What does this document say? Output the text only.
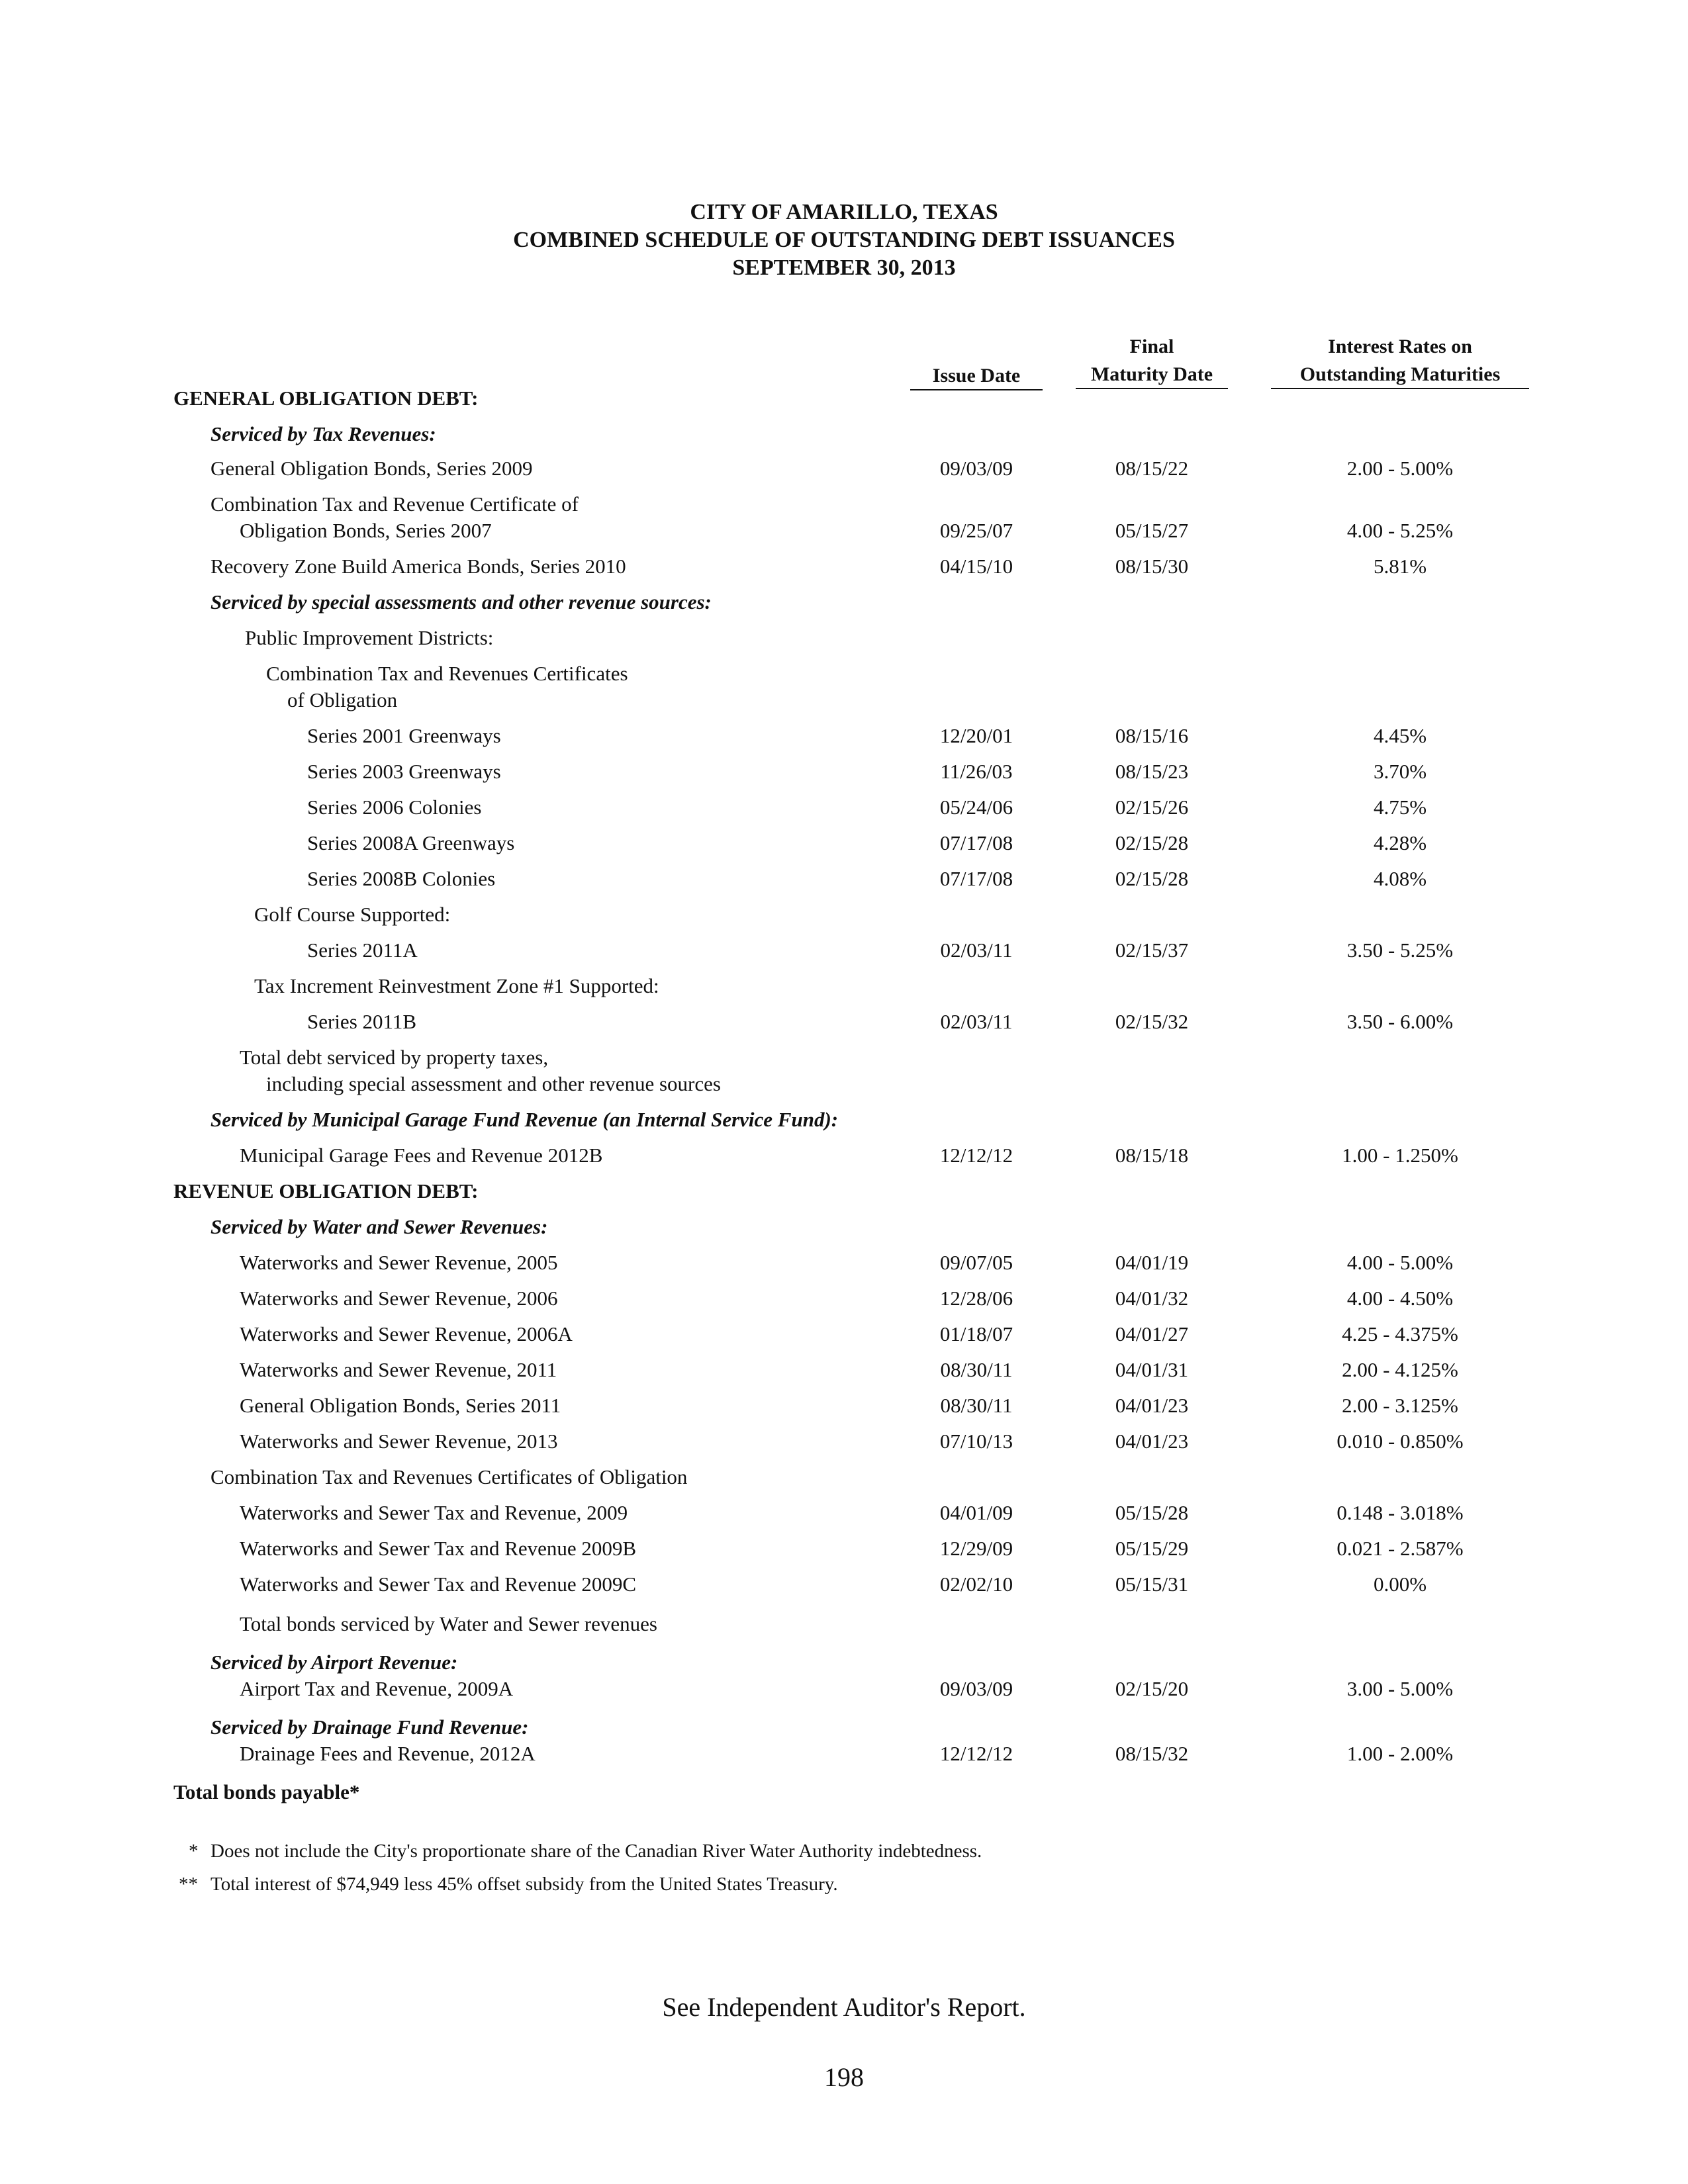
CITY OF AMARILLO, TEXAS
COMBINED SCHEDULE OF OUTSTANDING DEBT ISSUANCES
SEPTEMBER 30, 2013
Issue Date
Final
Maturity Date
Interest Rates on
Outstanding Maturities
GENERAL OBLIGATION DEBT:
Serviced by Tax Revenues:
General Obligation Bonds, Series 2009	09/03/09	08/15/22	2.00 - 5.00%
Combination Tax and Revenue Certificate of
Obligation Bonds, Series 2007	09/25/07	05/15/27	4.00 - 5.25%
Recovery Zone Build America Bonds, Series 2010	04/15/10	08/15/30	5.81%
Serviced by special assessments and other revenue sources:
Public Improvement Districts:
Combination Tax and Revenues Certificates
of Obligation
Series 2001 Greenways	12/20/01	08/15/16	4.45%
Series 2003 Greenways	11/26/03	08/15/23	3.70%
Series 2006 Colonies	05/24/06	02/15/26	4.75%
Series 2008A Greenways	07/17/08	02/15/28	4.28%
Series 2008B Colonies	07/17/08	02/15/28	4.08%
Golf Course Supported:
Series 2011A	02/03/11	02/15/37	3.50 - 5.25%
Tax Increment Reinvestment Zone #1 Supported:
Series 2011B	02/03/11	02/15/32	3.50 - 6.00%
Total debt serviced by property taxes,
including special assessment and other revenue sources
Serviced by Municipal Garage Fund Revenue (an Internal Service Fund):
Municipal Garage Fees and Revenue 2012B	12/12/12	08/15/18	1.00 - 1.250%
REVENUE OBLIGATION DEBT:
Serviced by Water and Sewer Revenues:
Waterworks and Sewer Revenue, 2005	09/07/05	04/01/19	4.00 - 5.00%
Waterworks and Sewer Revenue, 2006	12/28/06	04/01/32	4.00 - 4.50%
Waterworks and Sewer Revenue, 2006A	01/18/07	04/01/27	4.25 - 4.375%
Waterworks and Sewer Revenue, 2011	08/30/11	04/01/31	2.00 - 4.125%
General Obligation Bonds, Series 2011	08/30/11	04/01/23	2.00 - 3.125%
Waterworks and Sewer Revenue, 2013	07/10/13	04/01/23	0.010 - 0.850%
Combination Tax and Revenues Certificates of Obligation
Waterworks and Sewer Tax and Revenue, 2009	04/01/09	05/15/28	0.148 - 3.018%
Waterworks and Sewer Tax and Revenue 2009B	12/29/09	05/15/29	0.021 - 2.587%
Waterworks and Sewer Tax and Revenue 2009C	02/02/10	05/15/31	0.00%
Total bonds serviced by Water and Sewer revenues
Serviced by Airport Revenue:
Airport Tax and Revenue, 2009A	09/03/09	02/15/20	3.00 - 5.00%
Serviced by Drainage Fund Revenue:
Drainage Fees and Revenue, 2012A	12/12/12	08/15/32	1.00 - 2.00%
Total bonds payable*
* Does not include the City's proportionate share of the Canadian River Water Authority indebtedness.
** Total interest of $74,949 less 45% offset subsidy from the United States Treasury.
See Independent Auditor's Report.
198
